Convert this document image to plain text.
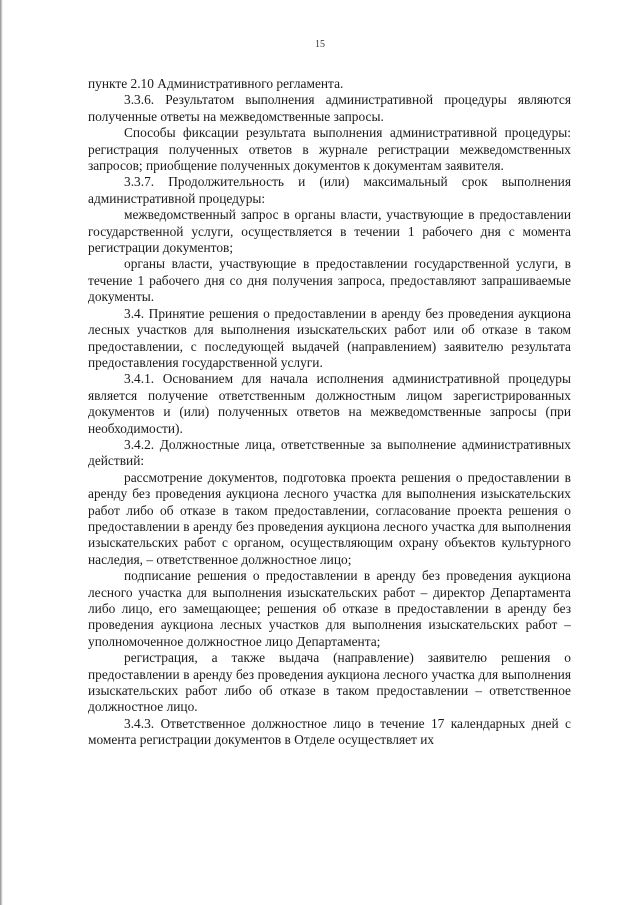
15

пункте 2.10 Административного регламента.

3.3.6. Результатом выполнения административной процедуры являются полученные ответы на межведомственные запросы.

Способы фиксации результата выполнения административной процедуры: регистрация полученных ответов в журнале регистрации межведомственных запросов; приобщение полученных документов к документам заявителя.

3.3.7. Продолжительность и (или) максимальный срок выполнения административной процедуры:

межведомственный запрос в органы власти, участвующие в предоставлении государственной услуги, осуществляется в течении 1 рабочего дня с момента регистрации документов;

органы власти, участвующие в предоставлении государственной услуги, в течение 1 рабочего дня со дня получения запроса, предоставляют запрашиваемые документы.

3.4. Принятие решения о предоставлении в аренду без проведения аукциона лесных участков для выполнения изыскательских работ или об отказе в таком предоставлении, с последующей выдачей (направлением) заявителю результата предоставления государственной услуги.

3.4.1. Основанием для начала исполнения административной процедуры является получение ответственным должностным лицом зарегистрированных документов и (или) полученных ответов на межведомственные запросы (при необходимости).

3.4.2. Должностные лица, ответственные за выполнение административных действий:

рассмотрение документов, подготовка проекта решения о предоставлении в аренду без проведения аукциона лесного участка для выполнения изыскательских работ либо об отказе в таком предоставлении, согласование проекта решения о предоставлении в аренду без проведения аукциона лесного участка для выполнения изыскательских работ с органом, осуществляющим охрану объектов культурного наследия, – ответственное должностное лицо;

подписание решения о предоставлении в аренду без проведения аукциона лесного участка для выполнения изыскательских работ – директор Департамента либо лицо, его замещающее; решения об отказе в предоставлении в аренду без проведения аукциона лесных участков для выполнения изыскательских работ – уполномоченное должностное лицо Департамента;

регистрация, а также выдача (направление) заявителю решения о предоставлении в аренду без проведения аукциона лесного участка для выполнения изыскательских работ либо об отказе в таком предоставлении – ответственное должностное лицо.

3.4.3. Ответственное должностное лицо в течение 17 календарных дней с момента регистрации документов в Отделе осуществляет их
